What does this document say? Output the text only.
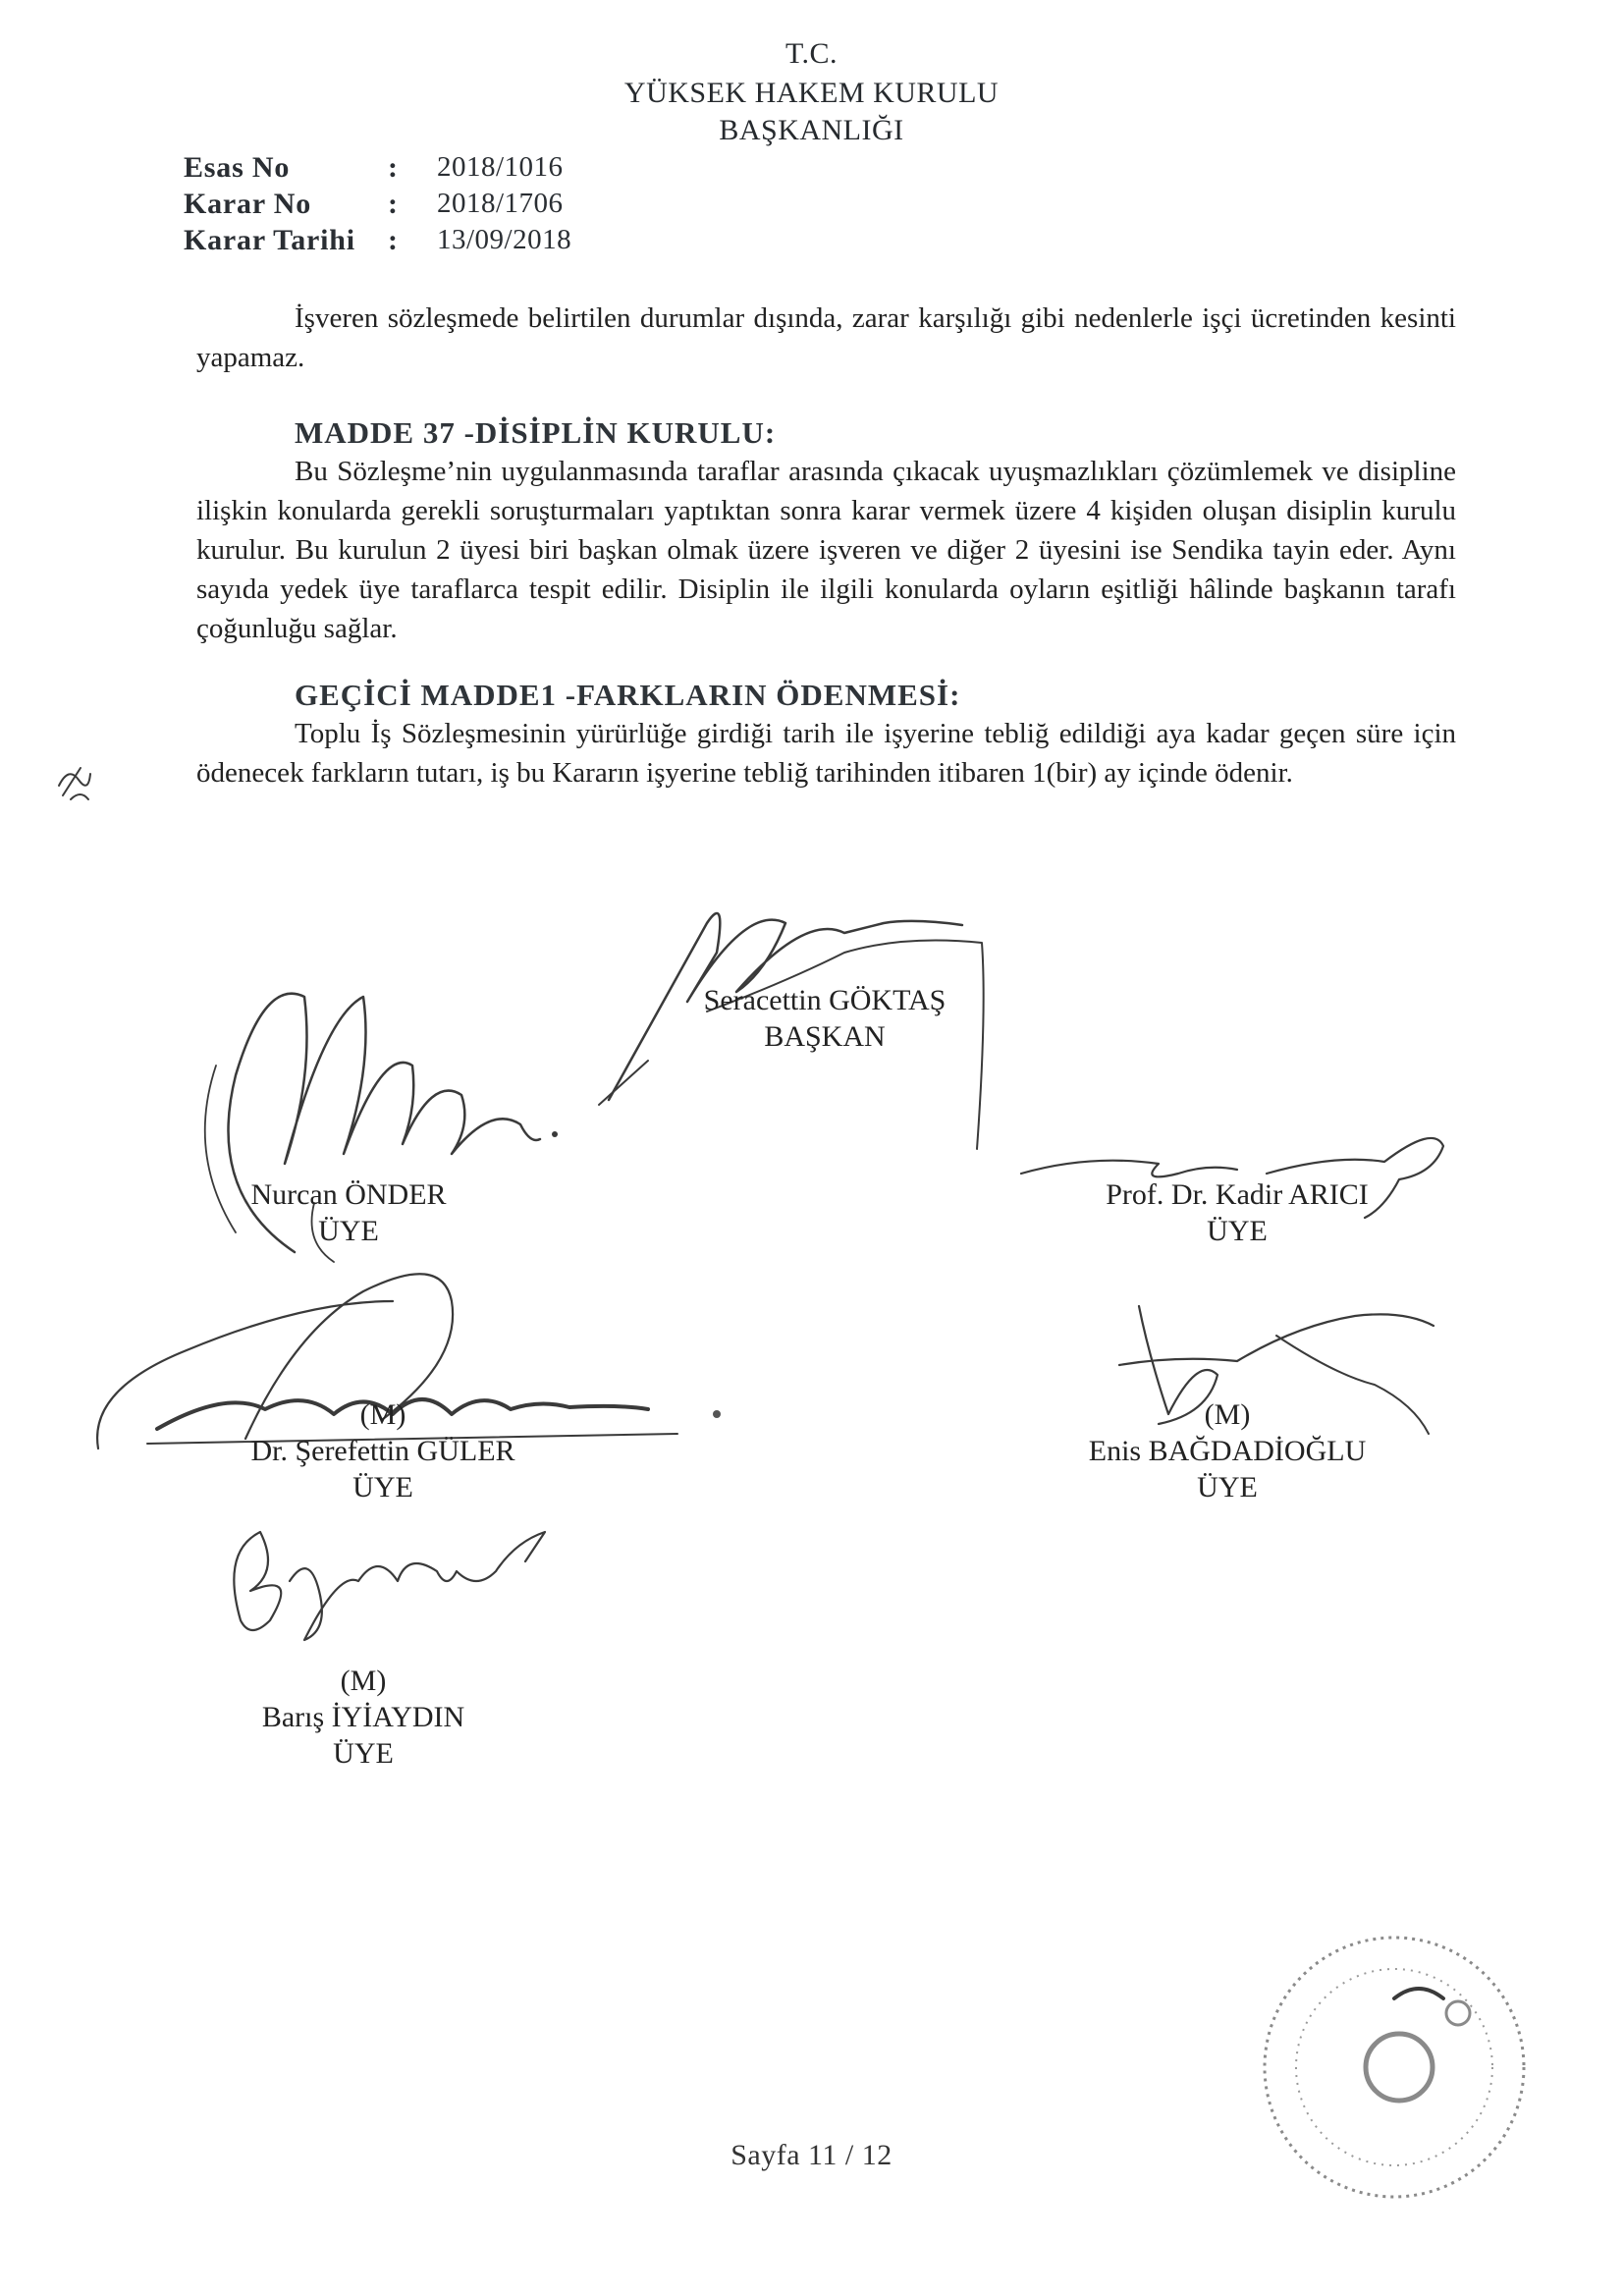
T.C.
YÜKSEK HAKEM KURULU
BAŞKANLIĞI
Esas No	: 2018/1016
Karar No	: 2018/1706
Karar Tarihi	: 13/09/2018

İşveren sözleşmede belirtilen durumlar dışında, zarar karşılığı gibi nedenlerle işçi ücretinden kesinti yapamaz.

MADDE 37 -DİSİPLİN KURULU:

Bu Sözleşme’nin uygulanmasında taraflar arasında çıkacak uyuşmazlıkları çözümlemek ve disipline ilişkin konularda gerekli soruşturmaları yaptıktan sonra karar vermek üzere 4 kişiden oluşan disiplin kurulu kurulur. Bu kurulun 2 üyesi biri başkan olmak üzere işveren ve diğer 2 üyesini ise Sendika tayin eder. Aynı sayıda yedek üye taraflarca tespit edilir. Disiplin ile ilgili konularda oyların eşitliği hâlinde başkanın tarafı çoğunluğu sağlar.

GEÇİCİ MADDE1 -FARKLARIN ÖDENMESİ:

Toplu İş Sözleşmesinin yürürlüğe girdiği tarih ile işyerine tebliğ edildiği aya kadar geçen süre için ödenecek farkların tutarı, iş bu Kararın işyerine tebliğ tarihinden itibaren 1(bir) ay içinde ödenir.

Seracettin GÖKTAŞ
BAŞKAN
Nurcan ÖNDER
ÜYE
Prof. Dr. Kadir ARICI
ÜYE
(M)
Dr. Şerefettin GÜLER
ÜYE
(M)
Enis BAĞDADİOĞLU
ÜYE
(M)
Barış İYİAYDIN
ÜYE
Sayfa 11 / 12
